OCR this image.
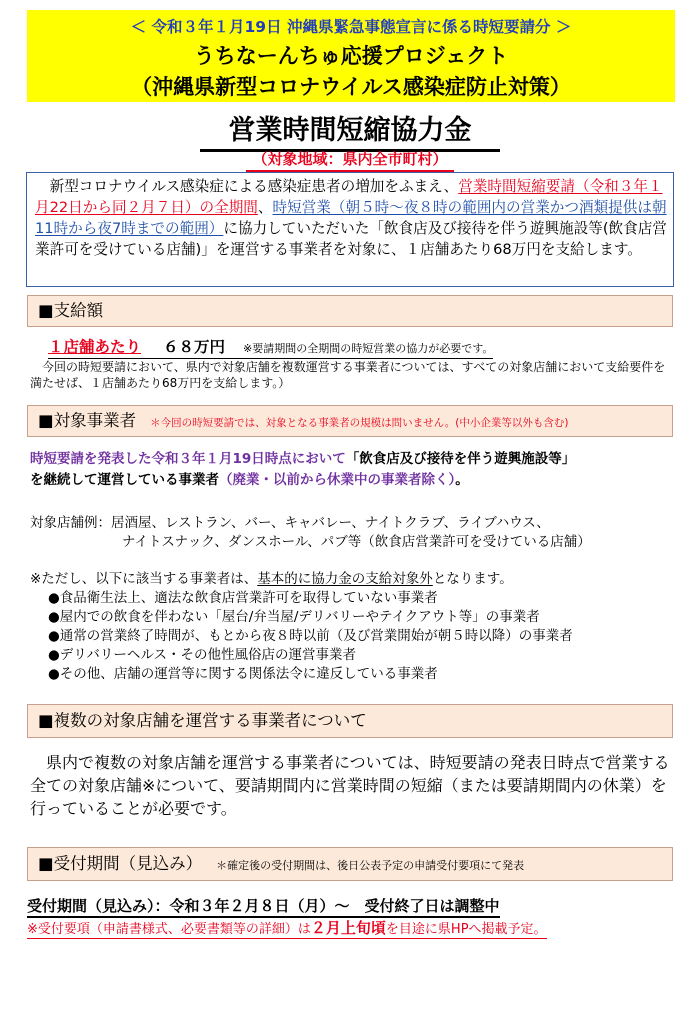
＜ 令和３年１月19日 沖縄県緊急事態宣言に係る時短要請分 ＞
うちなーんちゅ応援プロジェクト
（沖縄県新型コロナウイルス感染症防止対策）
営業時間短縮協力金
（対象地域：県内全市町村）
　新型コロナウイルス感染症による感染症患者の増加をふまえ、営業時間短縮要請（令和３年１月22日から同２月７日）の全期間、時短営業（朝５時～夜８時の範囲内の営業かつ酒類提供は朝11時から夜7時までの範囲）に協力していただいた「飲食店及び接待を伴う遊興施設等(飲食店営業許可を受けている店舗)」を運営する事業者を対象に、１店舗あたり68万円を支給します。
■支給額
１店舗あたり ６８万円 ※要請期間の全期間の時短営業の協力が必要です。
　今回の時短要請において、県内で対象店舗を複数運営する事業者については、すべての対象店舗において支給要件を満たせば、１店舗あたり68万円を支給します。）
■対象事業者 ＊今回の時短要請では、対象となる事業者の規模は問いません。(中小企業等以外も含む)
時短要請を発表した令和３年１月19日時点において「飲食店及び接待を伴う遊興施設等」
を継続して運営している事業者（廃業・以前から休業中の事業者除く）。
対象店舗例：居酒屋、レストラン、バー、キャバレー、ナイトクラブ、ライブハウス、
ナイトスナック、ダンスホール、パブ等（飲食店営業許可を受けている店舗）
※ただし、以下に該当する事業者は、基本的に協力金の支給対象外となります。
●食品衛生法上、適法な飲食店営業許可を取得していない事業者
●屋内での飲食を伴わない「屋台/弁当屋/デリバリーやテイクアウト等」の事業者
●通常の営業終了時間が、もとから夜８時以前（及び営業開始が朝５時以降）の事業者
●デリバリーヘルス・その他性風俗店の運営事業者
●その他、店舗の運営等に関する関係法令に違反している事業者
■複数の対象店舗を運営する事業者について
　県内で複数の対象店舗を運営する事業者については、時短要請の発表日時点で営業する全ての対象店舗※について、要請期間内に営業時間の短縮（または要請期間内の休業）を行っていることが必要です。
■受付期間（見込み） ＊確定後の受付期間は、後日公表予定の申請受付要項にて発表
受付期間（見込み）：令和３年２月８日（月）～　受付終了日は調整中
※受付要項（申請書様式、必要書類等の詳細）は２月上旬頃を目途に県HPへ掲載予定。
